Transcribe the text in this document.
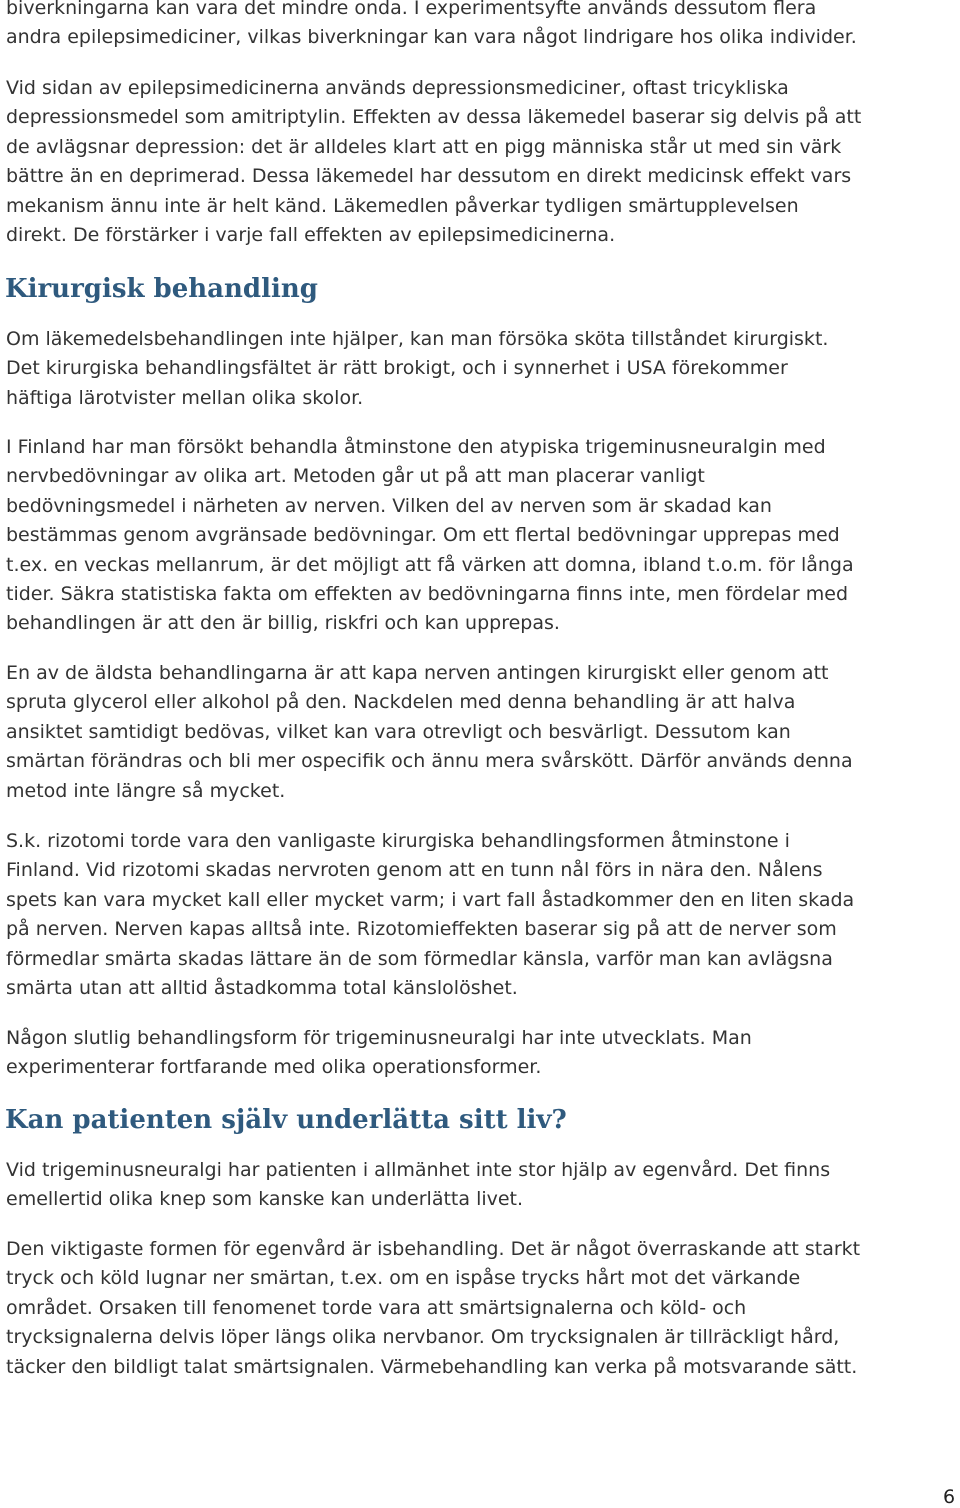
biverkningarna kan vara det mindre onda. I experimentsyfte används dessutom flera
andra epilepsimediciner, vilkas biverkningar kan vara något lindrigare hos olika individer.

Vid sidan av epilepsimedicinerna används depressionsmediciner, oftast tricykliska
depressionsmedel som amitriptylin. Effekten av dessa läkemedel baserar sig delvis på att
de avlägsnar depression: det är alldeles klart att en pigg människa står ut med sin värk
bättre än en deprimerad. Dessa läkemedel har dessutom en direkt medicinsk effekt vars
mekanism ännu inte är helt känd. Läkemedlen påverkar tydligen smärtupplevelsen
direkt. De förstärker i varje fall effekten av epilepsimedicinerna.

Kirurgisk behandling

Om läkemedelsbehandlingen inte hjälper, kan man försöka sköta tillståndet kirurgiskt.
Det kirurgiska behandlingsfältet är rätt brokigt, och i synnerhet i USA förekommer
häftiga lärotvister mellan olika skolor.

I Finland har man försökt behandla åtminstone den atypiska trigeminusneuralgin med
nervbedövningar av olika art. Metoden går ut på att man placerar vanligt
bedövningsmedel i närheten av nerven. Vilken del av nerven som är skadad kan
bestämmas genom avgränsade bedövningar. Om ett flertal bedövningar upprepas med
t.ex. en veckas mellanrum, är det möjligt att få värken att domna, ibland t.o.m. för långa
tider. Säkra statistiska fakta om effekten av bedövningarna finns inte, men fördelar med
behandlingen är att den är billig, riskfri och kan upprepas.

En av de äldsta behandlingarna är att kapa nerven antingen kirurgiskt eller genom att
spruta glycerol eller alkohol på den. Nackdelen med denna behandling är att halva
ansiktet samtidigt bedövas, vilket kan vara otrevligt och besvärligt. Dessutom kan
smärtan förändras och bli mer ospecifik och ännu mera svårskött. Därför används denna
metod inte längre så mycket.

S.k. rizotomi torde vara den vanligaste kirurgiska behandlingsformen åtminstone i
Finland. Vid rizotomi skadas nervroten genom att en tunn nål förs in nära den. Nålens
spets kan vara mycket kall eller mycket varm; i vart fall åstadkommer den en liten skada
på nerven. Nerven kapas alltså inte. Rizotomieffekten baserar sig på att de nerver som
förmedlar smärta skadas lättare än de som förmedlar känsla, varför man kan avlägsna
smärta utan att alltid åstadkomma total känslolöshet.

Någon slutlig behandlingsform för trigeminusneuralgi har inte utvecklats. Man
experimenterar fortfarande med olika operationsformer.

Kan patienten själv underlätta sitt liv?

Vid trigeminusneuralgi har patienten i allmänhet inte stor hjälp av egenvård. Det finns
emellertid olika knep som kanske kan underlätta livet.

Den viktigaste formen för egenvård är isbehandling. Det är något överraskande att starkt
tryck och köld lugnar ner smärtan, t.ex. om en ispåse trycks hårt mot det värkande
området. Orsaken till fenomenet torde vara att smärtsignalerna och köld- och
trycksignalerna delvis löper längs olika nervbanor. Om trycksignalen är tillräckligt hård,
täcker den bildligt talat smärtsignalen. Värmebehandling kan verka på motsvarande sätt.

6
